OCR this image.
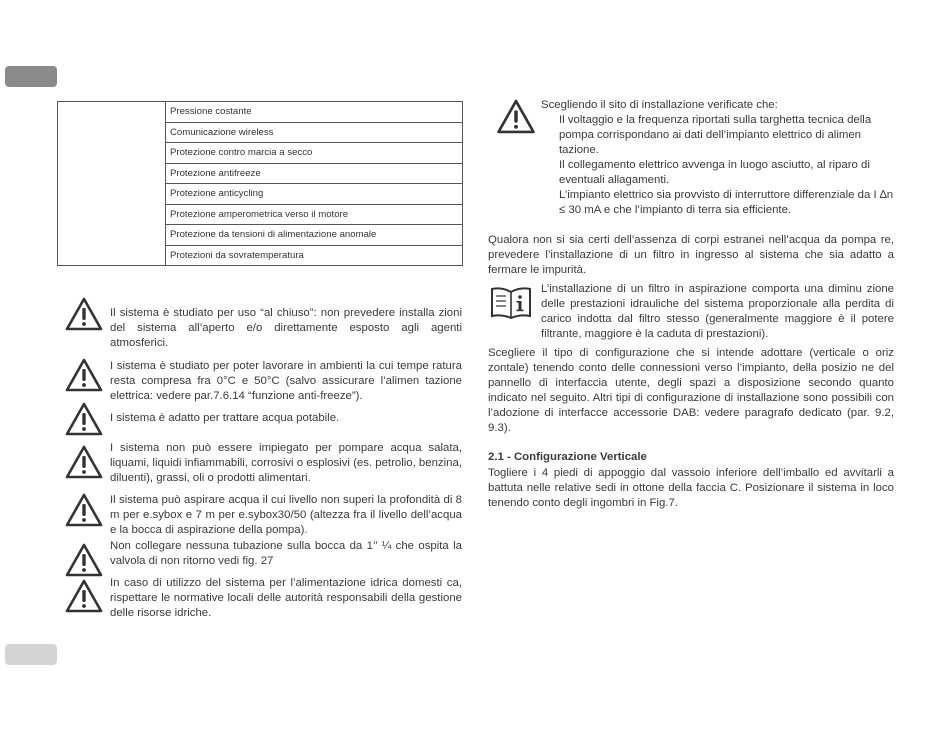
	Pressione costante
Comunicazione wireless
Protezione contro marcia a secco
Protezione antifreeze
Protezione anticycling
Protezione amperometrica verso il motore
Protezione da tensioni di alimentazione anomale
Protezioni da sovratemperatura
Il sistema è studiato per uso “al chiuso”: non prevedere installa zioni del sistema all’aperto e/o direttamente esposto agli agenti atmosferici.
I sistema è studiato per poter lavorare in ambienti la cui tempe ratura resta compresa fra 0°C e 50°C (salvo assicurare l’alimen tazione elettrica: vedere par.7.6.14 “funzione anti-freeze”).
I sistema è adatto per trattare acqua potabile.
I sistema non può essere impiegato per pompare acqua salata, liquami, liquidi infiammabili, corrosivi o esplosivi (es. petrolio, benzina, diluenti), grassi, oli o prodotti alimentari.
Il sistema può aspirare acqua il cui livello non superi la profondità di 8 m per e.sybox e 7 m per e.sybox30/50 (altezza fra il livello dell’acqua e la bocca di aspirazione della pompa).
Non collegare nessuna tubazione sulla bocca da 1’’ ¼ che ospita la valvola di non ritorno vedi fig. 27
In caso di utilizzo del sistema per l’alimentazione idrica domesti ca, rispettare le normative locali delle autorità responsabili della gestione delle risorse idriche.

Scegliendo il sito di installazione verificate che:

Il voltaggio e la frequenza riportati sulla targhetta tecnica della pompa corrispondano ai dati dell’impianto elettrico di alimen tazione.

Il collegamento elettrico avvenga in luogo asciutto, al riparo di eventuali allagamenti.

L’impianto elettrico sia provvisto di interruttore differenziale da I ∆n ≤ 30 mA e che l’impianto di terra sia efficiente.

Qualora non si sia certi dell’assenza di corpi estranei nell’acqua da pompa re, prevedere l’installazione di un filtro in ingresso al sistema che sia adatto a fermare le impurità.
L’installazione di un filtro in aspirazione comporta una diminu zione delle prestazioni idrauliche del sistema proporzionale alla perdita di carico indotta dal filtro stesso (generalmente maggiore è il potere filtrante, maggiore è la caduta di prestazioni).
Scegliere il tipo di configurazione che si intende adottare (verticale o oriz zontale) tenendo conto delle connessioni verso l’impianto, della posizio ne del pannello di interfaccia utente, degli spazi a disposizione secondo quanto indicato nel seguito. Altri tipi di configurazione di installazione sono possibili con l’adozione di interfacce accessorie DAB: vedere paragrafo dedicato (par. 9.2, 9.3).
2.1 - Configurazione Verticale
Togliere i 4 piedi di appoggio dal vassoio inferiore dell’imballo ed avvitarli a battuta nelle relative sedi in ottone della faccia C. Posizionare il sistema in loco tenendo conto degli ingombri in Fig.7.
